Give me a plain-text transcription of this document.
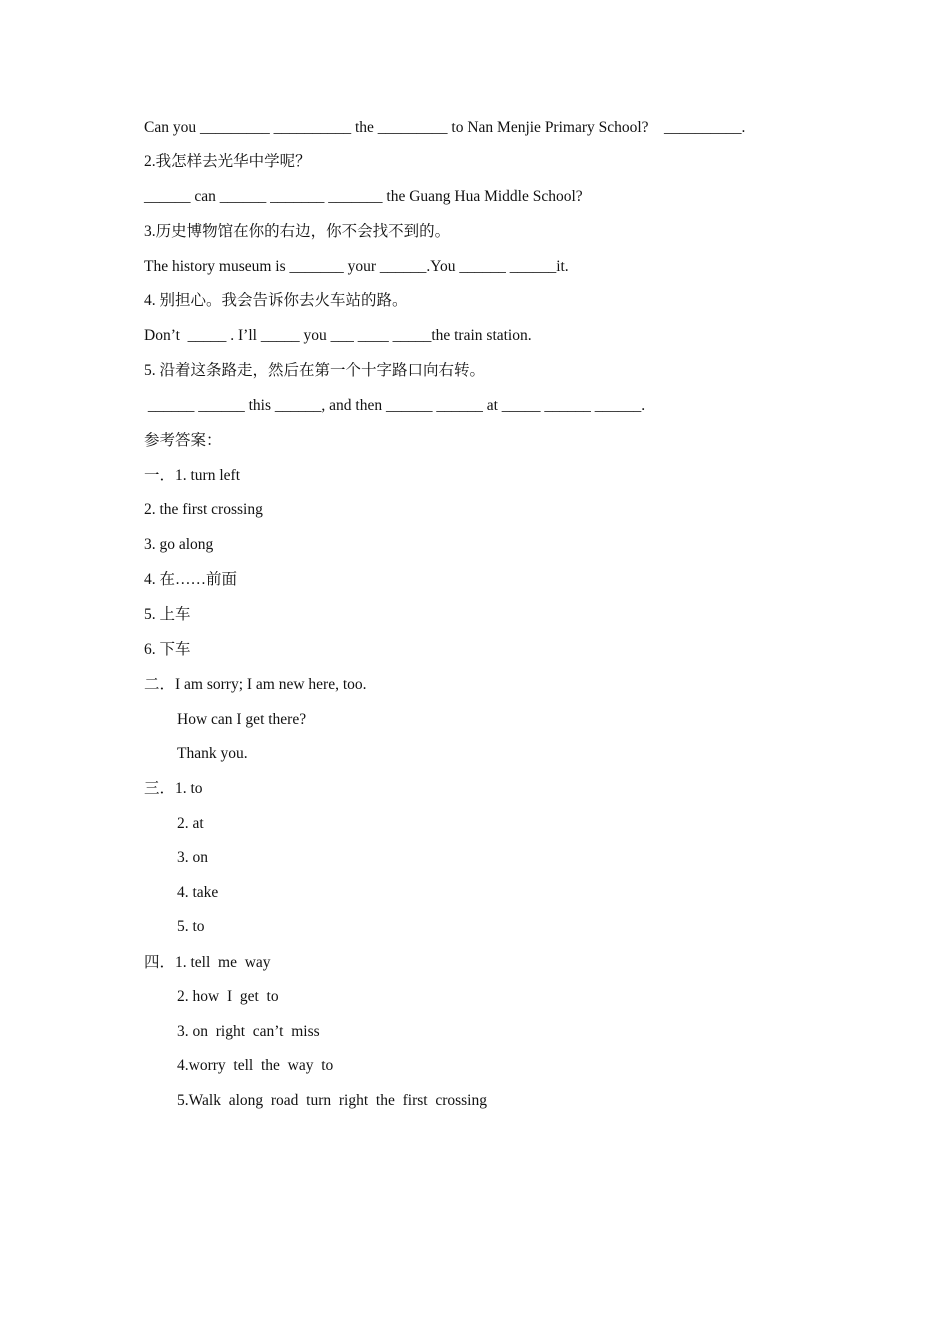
Can you _________ __________ the _________ to Nan Menjie Primary School?    __________.
2.我怎样去光华中学呢？
______ can ______ _______ _______ the Guang Hua Middle School?
3.历史博物馆在你的右边，你不会找不到的。
The history museum is _______ your ______.You ______ ______it.
4. 别担心。我会告诉你去火车站的路。
Don’t  _____ . I’ll _____ you ___ ____ _____the train station.
5. 沿着这条路走，然后在第一个十字路口向右转。
______ ______ this ______, and then ______ ______ at _____ ______ ______.
参考答案：
一．1. turn left
2. the first crossing
3. go along
4. 在……前面
5. 上车
6. 下车
二．I am sorry; I am new here, too.
How can I get there?
Thank you.
三．1. to
2. at
3. on
4. take
5. to
四．1. tell  me  way
2. how  I  get  to
3. on  right  can’t  miss
4.worry  tell  the  way  to
5.Walk  along  road  turn  right  the  first  crossing
